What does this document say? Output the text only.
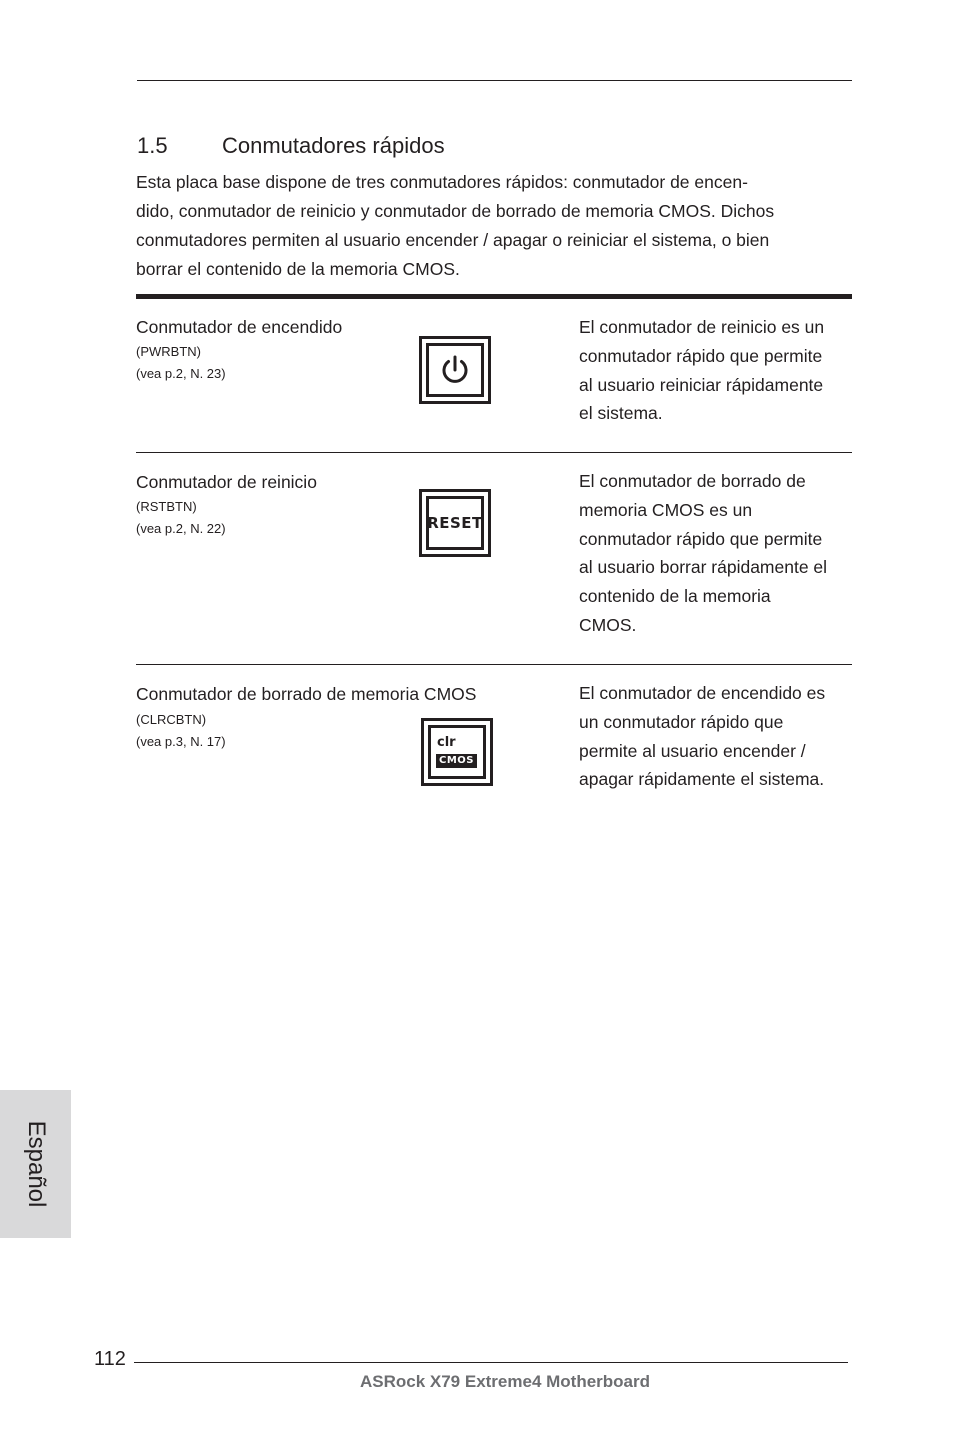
1.5 Conmutadores rápidos
Esta placa base dispone de tres conmutadores rápidos: conmutador de encen-
dido, conmutador de reinicio y conmutador de borrado de memoria CMOS. Dichos
conmutadores permiten al usuario encender / apagar o reiniciar el sistema, o bien
borrar el contenido de la memoria CMOS.
Conmutador de encendido
(PWRBTN)
(vea p.2, N. 23)
El conmutador de reinicio es un
conmutador rápido que permite
al usuario reiniciar rápidamente
el sistema.
Conmutador de reinicio
(RSTBTN)
(vea p.2, N. 22)	RESET
El conmutador de borrado de
memoria CMOS es un
conmutador rápido que permite
al usuario borrar rápidamente el
contenido de la memoria
CMOS.
Conmutador de borrado de memoria CMOS
(CLRCBTN)
(vea p.3, N. 17)	clr
CMOS
El conmutador de encendido es
un conmutador rápido que
permite al usuario encender /
apagar rápidamente el sistema.
Español
112
ASRock X79 Extreme4 Motherboard
